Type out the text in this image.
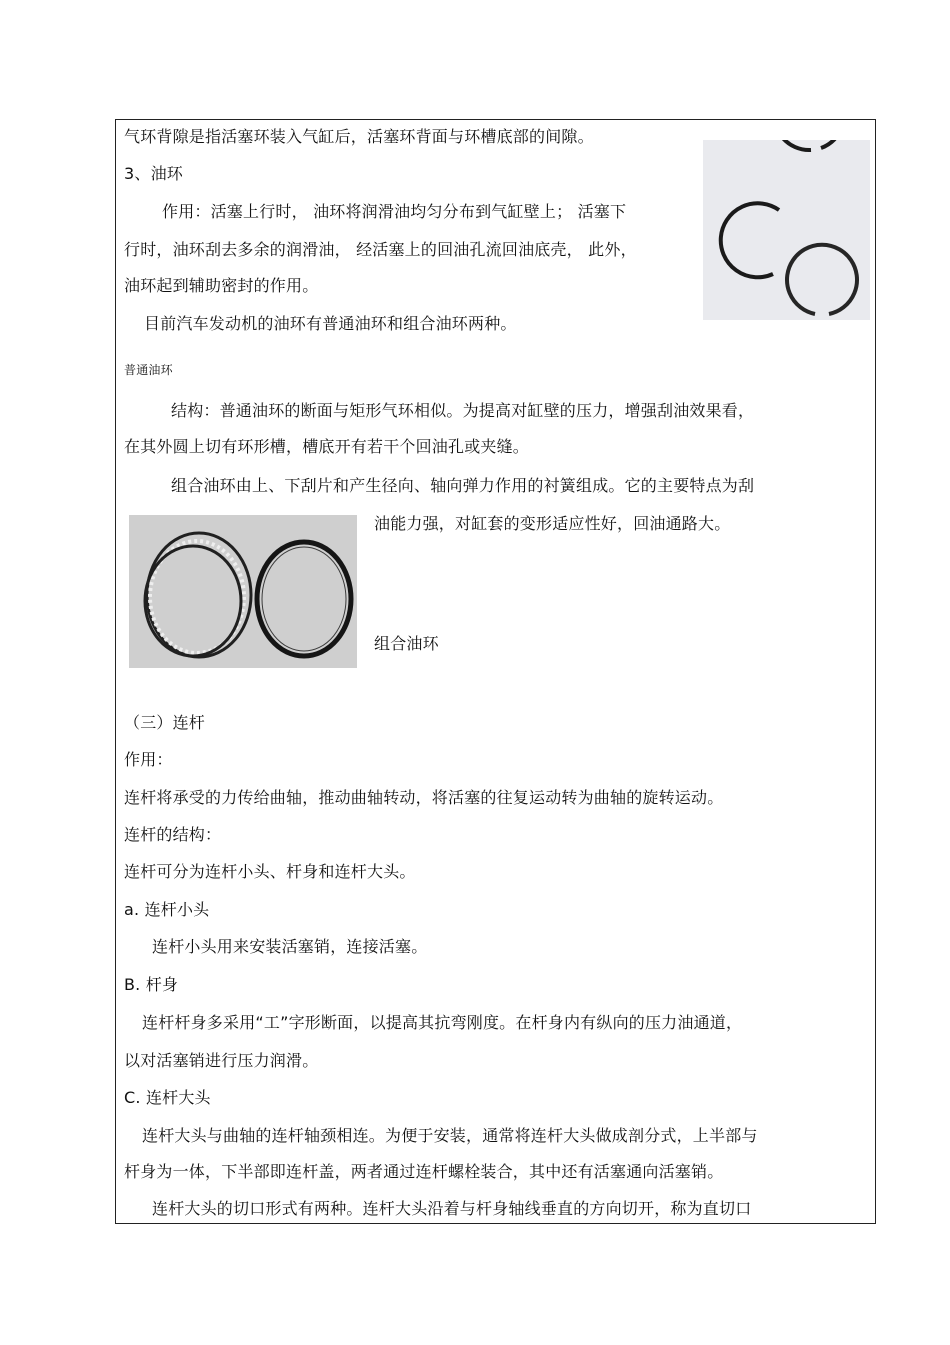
气环背隙是指活塞环装入气缸后，活塞环背面与环槽底部的间隙。
3、油环
作用：活塞上行时， 油环将润滑油均匀分布到气缸壁上； 活塞下
行时，油环刮去多余的润滑油， 经活塞上的回油孔流回油底壳， 此外，
油环起到辅助密封的作用。
目前汽车发动机的油环有普通油环和组合油环两种。
普通油环
结构：普通油环的断面与矩形气环相似。为提高对缸壁的压力，增强刮油效果看，
在其外圆上切有环形槽，槽底开有若干个回油孔或夹缝。
组合油环由上、下刮片和产生径向、轴向弹力作用的衬簧组成。它的主要特点为刮
油能力强，对缸套的变形适应性好，回油通路大。
组合油环
（三）连杆
作用：
连杆将承受的力传给曲轴，推动曲轴转动，将活塞的往复运动转为曲轴的旋转运动。
连杆的结构：
连杆可分为连杆小头、杆身和连杆大头。
a. 连杆小头
连杆小头用来安装活塞销，连接活塞。
B. 杆身
连杆杆身多采用“工”字形断面，以提高其抗弯刚度。在杆身内有纵向的压力油通道，
以对活塞销进行压力润滑。
C. 连杆大头
连杆大头与曲轴的连杆轴颈相连。为便于安装，通常将连杆大头做成剖分式，上半部与
杆身为一体，下半部即连杆盖，两者通过连杆螺栓装合，其中还有活塞通向活塞销。
连杆大头的切口形式有两种。连杆大头沿着与杆身轴线垂直的方向切开，称为直切口
